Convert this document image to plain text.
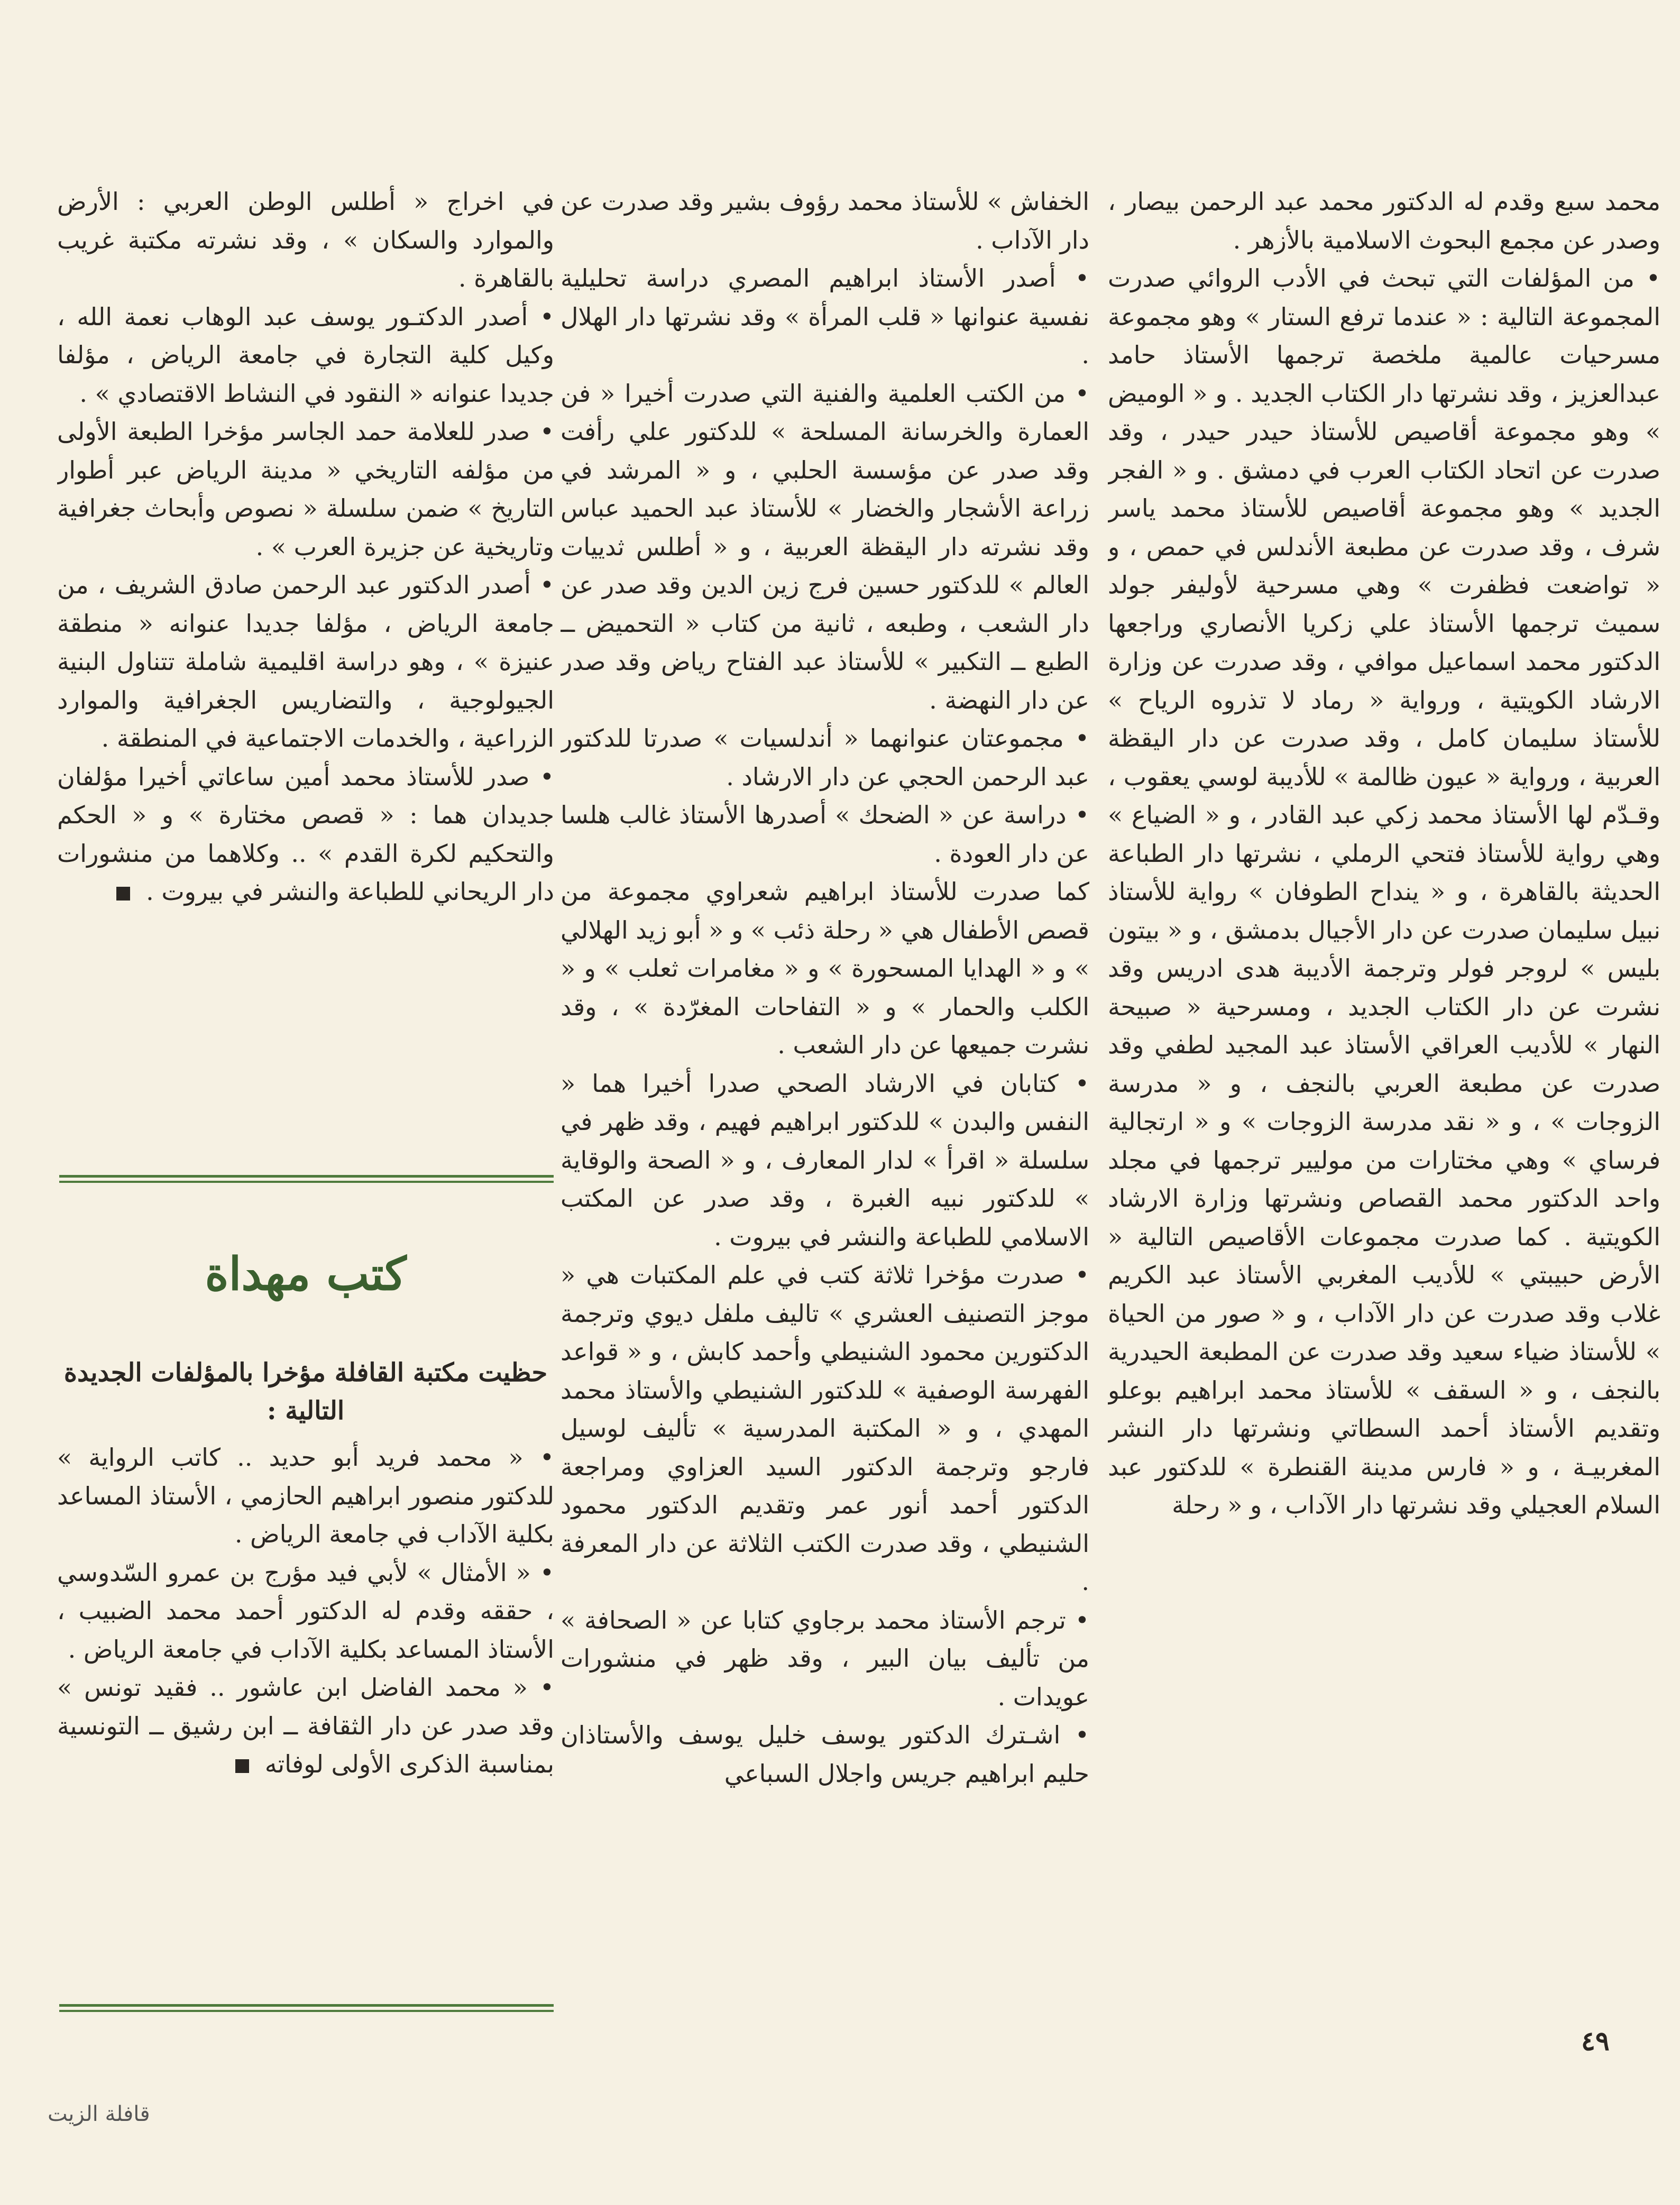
محمد سبع وقدم له الدكتور محمد عبد الرحمن بيصار ، وصدر عن مجمع البحوث الاسلامية بالأزهر .

• من المؤلفات التي تبحث في الأدب الروائي صدرت المجموعة التالية : « عندما ترفع الستار » وهو مجموعة مسرحيات عالمية ملخصة ترجمها الأستاذ حامد عبدالعزيز ، وقد نشرتها دار الكتاب الجديد . و « الوميض » وهو مجموعة أقاصيص للأستاذ حيدر حيدر ، وقد صدرت عن اتحاد الكتاب العرب في دمشق . و « الفجر الجديد » وهو مجموعة أقاصيص للأستاذ محمد ياسر شرف ، وقد صدرت عن مطبعة الأندلس في حمص ، و « تواضعت فظفرت » وهي مسرحية لأوليفر جولد سميث ترجمها الأستاذ علي زكريا الأنصاري وراجعها الدكتور محمد اسماعيل موافي ، وقد صدرت عن وزارة الارشاد الكويتية ، ورواية « رماد لا تذروه الرياح » للأستاذ سليمان كامل ، وقد صدرت عن دار اليقظة العربية ، ورواية « عيون ظالمة » للأديبة لوسي يعقوب ، وقـدّم لها الأستاذ محمد زكي عبد القادر ، و « الضياع » وهي رواية للأستاذ فتحي الرملي ، نشرتها دار الطباعة الحديثة بالقاهرة ، و « ينداح الطوفان » رواية للأستاذ نبيل سليمان صدرت عن دار الأجيال بدمشق ، و « بيتون بليس » لروجر فولر وترجمة الأديبة هدى ادريس وقد نشرت عن دار الكتاب الجديد ، ومسرحية « صبيحة النهار » للأديب العراقي الأستاذ عبد المجيد لطفي وقد صدرت عن مطبعة العربي بالنجف ، و « مدرسة الزوجات » ، و « نقد مدرسة الزوجات » و « ارتجالية فرساي » وهي مختارات من موليير ترجمها في مجلد واحد الدكتور محمد القصاص ونشرتها وزارة الارشاد الكويتية . كما صدرت مجموعات الأقاصيص التالية « الأرض حبيبتي » للأديب المغربي الأستاذ عبد الكريم غلاب وقد صدرت عن دار الآداب ، و « صور من الحياة » للأستاذ ضياء سعيد وقد صدرت عن المطبعة الحيدرية بالنجف ، و « السقف » للأستاذ محمد ابراهيم بوعلو وتقديم الأستاذ أحمد السطاتي ونشرتها دار النشر المغربيـة ، و « فارس مدينة القنطرة » للدكتور عبد السلام العجيلي وقد نشرتها دار الآداب ، و « رحلة

الخفاش » للأستاذ محمد رؤوف بشير وقد صدرت عن دار الآداب .

• أصدر الأستاذ ابراهيم المصري دراسة تحليلية نفسية عنوانها « قلب المرأة » وقد نشرتها دار الهلال .

• من الكتب العلمية والفنية التي صدرت أخيرا « فن العمارة والخرسانة المسلحة » للدكتور علي رأفت وقد صدر عن مؤسسة الحلبي ، و « المرشد في زراعة الأشجار والخضار » للأستاذ عبد الحميد عباس وقد نشرته دار اليقظة العربية ، و « أطلس ثدييات العالم » للدكتور حسين فرج زين الدين وقد صدر عن دار الشعب ، وطبعه ، ثانية من كتاب « التحميض ــ الطبع ــ التكبير » للأستاذ عبد الفتاح رياض وقد صدر عن دار النهضة .

• مجموعتان عنوانهما « أندلسيات » صدرتا للدكتور عبد الرحمن الحجي عن دار الارشاد .

• دراسة عن « الضحك » أصدرها الأستاذ غالب هلسا عن دار العودة .

كما صدرت للأستاذ ابراهيم شعراوي مجموعة من قصص الأطفال هي « رحلة ذئب » و « أبو زيد الهلالي » و « الهدايا المسحورة » و « مغامرات ثعلب » و « الكلب والحمار » و « التفاحات المغرّدة » ، وقد نشرت جميعها عن دار الشعب .

• كتابان في الارشاد الصحي صدرا أخيرا هما « النفس والبدن » للدكتور ابراهيم فهيم ، وقد ظهر في سلسلة « اقرأ » لدار المعارف ، و « الصحة والوقاية » للدكتور نبيه الغبرة ، وقد صدر عن المكتب الاسلامي للطباعة والنشر في بيروت .

• صدرت مؤخرا ثلاثة كتب في علم المكتبات هي « موجز التصنيف العشري » تاليف ملفل ديوي وترجمة الدكتورين محمود الشنيطي وأحمد كابش ، و « قواعد الفهرسة الوصفية » للدكتور الشنيطي والأستاذ محمد المهدي ، و « المكتبة المدرسية » تأليف لوسيل فارجو وترجمة الدكتور السيد العزاوي ومراجعة الدكتور أحمد أنور عمر وتقديم الدكتور محمود الشنيطي ، وقد صدرت الكتب الثلاثة عن دار المعرفة .

• ترجم الأستاذ محمد برجاوي كتابا عن « الصحافة » من تأليف بيان البير ، وقد ظهر في منشورات عويدات .

• اشـترك الدكتور يوسف خليل يوسف والأستاذان حليم ابراهيم جريس واجلال السباعي

في اخراج « أطلس الوطن العربي : الأرض والموارد والسكان » ، وقد نشرته مكتبة غريب بالقاهرة .

• أصدر الدكتـور يوسف عبد الوهاب نعمة الله ، وكيل كلية التجارة في جامعة الرياض ، مؤلفا جديدا عنوانه « النقود في النشاط الاقتصادي » .

• صدر للعلامة حمد الجاسر مؤخرا الطبعة الأولى من مؤلفه التاريخي « مدينة الرياض عبر أطوار التاريخ » ضمن سلسلة « نصوص وأبحاث جغرافية وتاريخية عن جزيرة العرب » .

• أصدر الدكتور عبد الرحمن صادق الشريف ، من جامعة الرياض ، مؤلفا جديدا عنوانه « منطقة عنيزة » ، وهو دراسة اقليمية شاملة تتناول البنية الجيولوجية ، والتضاريس الجغرافية والموارد الزراعية ، والخدمات الاجتماعية في المنطقة .

• صدر للأستاذ محمد أمين ساعاتي أخيرا مؤلفان جديدان هما : « قصص مختارة » و « الحكم والتحكيم لكرة القدم » .. وكلاهما من منشورات دار الريحاني للطباعة والنشر في بيروت .

كتب مهداة
حظيت مكتبة القافلة مؤخرا بالمؤلفات الجديدة التالية :

• « محمد فريد أبو حديد .. كاتب الرواية » للدكتور منصور ابراهيم الحازمي ، الأستاذ المساعد بكلية الآداب في جامعة الرياض .

• « الأمثال » لأبي فيد مؤرج بن عمرو السّدوسي ، حققه وقدم له الدكتور أحمد محمد الضبيب ، الأستاذ المساعد بكلية الآداب في جامعة الرياض .

• « محمد الفاضل ابن عاشور .. فقيد تونس » وقد صدر عن دار الثقافة ــ ابن رشيق ــ التونسية بمناسبة الذكرى الأولى لوفاته

٤٩
قافلة الزيت
